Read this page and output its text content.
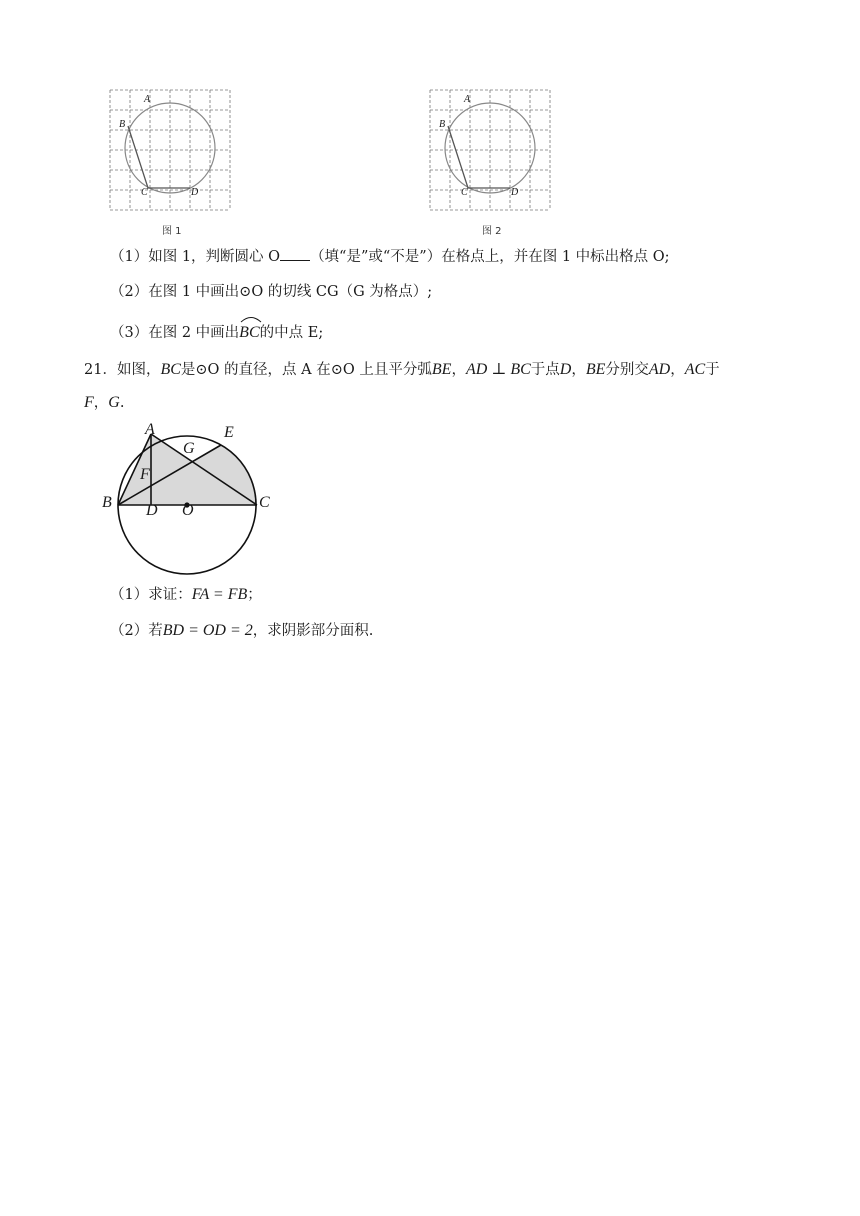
A
B
C	D
图 1
A
B
C	D
图 2
（1）如图 1，判断圆心 O （填“是”或“不是”）在格点上，并在图 1 中标出格点 O;
（2）在图 1 中画出⊙O 的切线 CG（G 为格点）;
（3）在图 2 中画出
BC的中点 E;
21．如图，BC是⊙O 的直径，点 A 在⊙O 上且平分弧BE，AD ⊥ BC于点D，BE分别交AD，AC于
F，G.
A	E
G
F
B D O	C
（1）求证：FA = FB；
（2）若BD = OD = 2，求阴影部分面积.
